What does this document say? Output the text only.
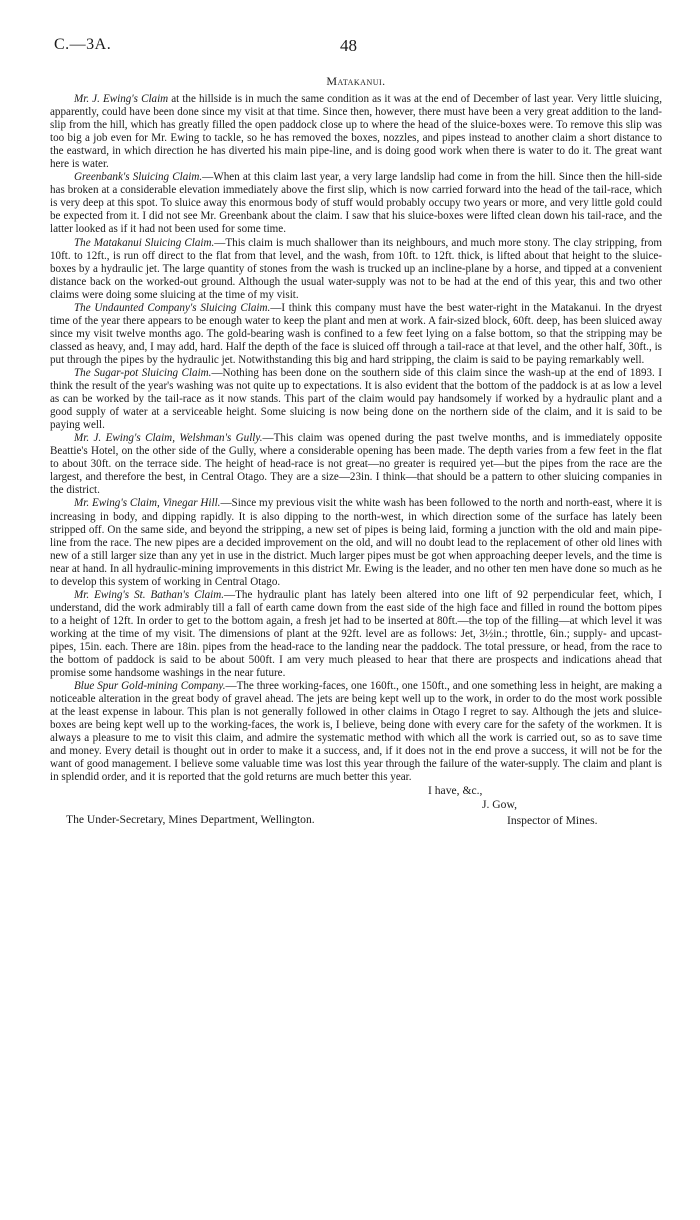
C.—3A.	48
Matakanui.

Mr. J. Ewing's Claim at the hillside is in much the same condition as it was at the end of December of last year. Very little sluicing, apparently, could have been done since my visit at that time. Since then, however, there must have been a very great addition to the land-slip from the hill, which has greatly filled the open paddock close up to where the head of the sluice-boxes were. To remove this slip was too big a job even for Mr. Ewing to tackle, so he has removed the boxes, nozzles, and pipes instead to another claim a short distance to the eastward, in which direction he has diverted his main pipe-line, and is doing good work when there is water to do it. The great want here is water.

Greenbank's Sluicing Claim.—When at this claim last year, a very large landslip had come in from the hill. Since then the hill-side has broken at a considerable elevation immediately above the first slip, which is now carried forward into the head of the tail-race, which is very deep at this spot. To sluice away this enormous body of stuff would probably occupy two years or more, and very little gold could be expected from it. I did not see Mr. Greenbank about the claim. I saw that his sluice-boxes were lifted clean down his tail-race, and the latter looked as if it had not been used for some time.

The Matakanui Sluicing Claim.—This claim is much shallower than its neighbours, and much more stony. The clay stripping, from 10ft. to 12ft., is run off direct to the flat from that level, and the wash, from 10ft. to 12ft. thick, is lifted about that height to the sluice-boxes by a hydraulic jet. The large quantity of stones from the wash is trucked up an incline-plane by a horse, and tipped at a convenient distance back on the worked-out ground. Although the usual water-supply was not to be had at the end of this year, this and two other claims were doing some sluicing at the time of my visit.

The Undaunted Company's Sluicing Claim.—I think this company must have the best water-right in the Matakanui. In the dryest time of the year there appears to be enough water to keep the plant and men at work. A fair-sized block, 60ft. deep, has been sluiced away since my visit twelve months ago. The gold-bearing wash is confined to a few feet lying on a false bottom, so that the stripping may be classed as heavy, and, I may add, hard. Half the depth of the face is sluiced off through a tail-race at that level, and the other half, 30ft., is put through the pipes by the hydraulic jet. Notwithstanding this big and hard stripping, the claim is said to be paying remarkably well.

The Sugar-pot Sluicing Claim.—Nothing has been done on the southern side of this claim since the wash-up at the end of 1893. I think the result of the year's washing was not quite up to expectations. It is also evident that the bottom of the paddock is at as low a level as can be worked by the tail-race as it now stands. This part of the claim would pay handsomely if worked by a hydraulic plant and a good supply of water at a serviceable height. Some sluicing is now being done on the northern side of the claim, and it is said to be paying well.

Mr. J. Ewing's Claim, Welshman's Gully.—This claim was opened during the past twelve months, and is immediately opposite Beattie's Hotel, on the other side of the Gully, where a considerable opening has been made. The depth varies from a few feet in the flat to about 30ft. on the terrace side. The height of head-race is not great—no greater is required yet—but the pipes from the race are the largest, and therefore the best, in Central Otago. They are a size—23in. I think—that should be a pattern to other sluicing companies in the district.

Mr. Ewing's Claim, Vinegar Hill.—Since my previous visit the white wash has been followed to the north and north-east, where it is increasing in body, and dipping rapidly. It is also dipping to the north-west, in which direction some of the surface has lately been stripped off. On the same side, and beyond the stripping, a new set of pipes is being laid, forming a junction with the old and main pipe-line from the race. The new pipes are a decided improvement on the old, and will no doubt lead to the replacement of other old lines with new of a still larger size than any yet in use in the district. Much larger pipes must be got when approaching deeper levels, and the time is near at hand. In all hydraulic-mining improvements in this district Mr. Ewing is the leader, and no other ten men have done so much as he to develop this system of working in Central Otago.

Mr. Ewing's St. Bathan's Claim.—The hydraulic plant has lately been altered into one lift of 92 perpendicular feet, which, I understand, did the work admirably till a fall of earth came down from the east side of the high face and filled in round the bottom pipes to a height of 12ft. In order to get to the bottom again, a fresh jet had to be inserted at 80ft.—the top of the filling—at which level it was working at the time of my visit. The dimensions of plant at the 92ft. level are as follows: Jet, 3½in.; throttle, 6in.; supply- and upcast-pipes, 15in. each. There are 18in. pipes from the head-race to the landing near the paddock. The total pressure, or head, from the race to the bottom of paddock is said to be about 500ft. I am very much pleased to hear that there are prospects and indications ahead that promise some handsome washings in the near future.

Blue Spur Gold-mining Company.—The three working-faces, one 160ft., one 150ft., and one something less in height, are making a noticeable alteration in the great body of gravel ahead. The jets are being kept well up to the work, in order to do the most work possible at the least expense in labour. This plan is not generally followed in other claims in Otago I regret to say. Although the jets and sluice-boxes are being kept well up to the working-faces, the work is, I believe, being done with every care for the safety of the workmen. It is always a pleasure to me to visit this claim, and admire the systematic method with which all the work is carried out, so as to save time and money. Every detail is thought out in order to make it a success, and, if it does not in the end prove a success, it will not be for the want of good management. I believe some valuable time was lost this year through the failure of the water-supply. The claim and plant is in splendid order, and it is reported that the gold returns are much better this year.

I have, &c.,
J. Gow,
The Under-Secretary, Mines Department, Wellington.	Inspector of Mines.
